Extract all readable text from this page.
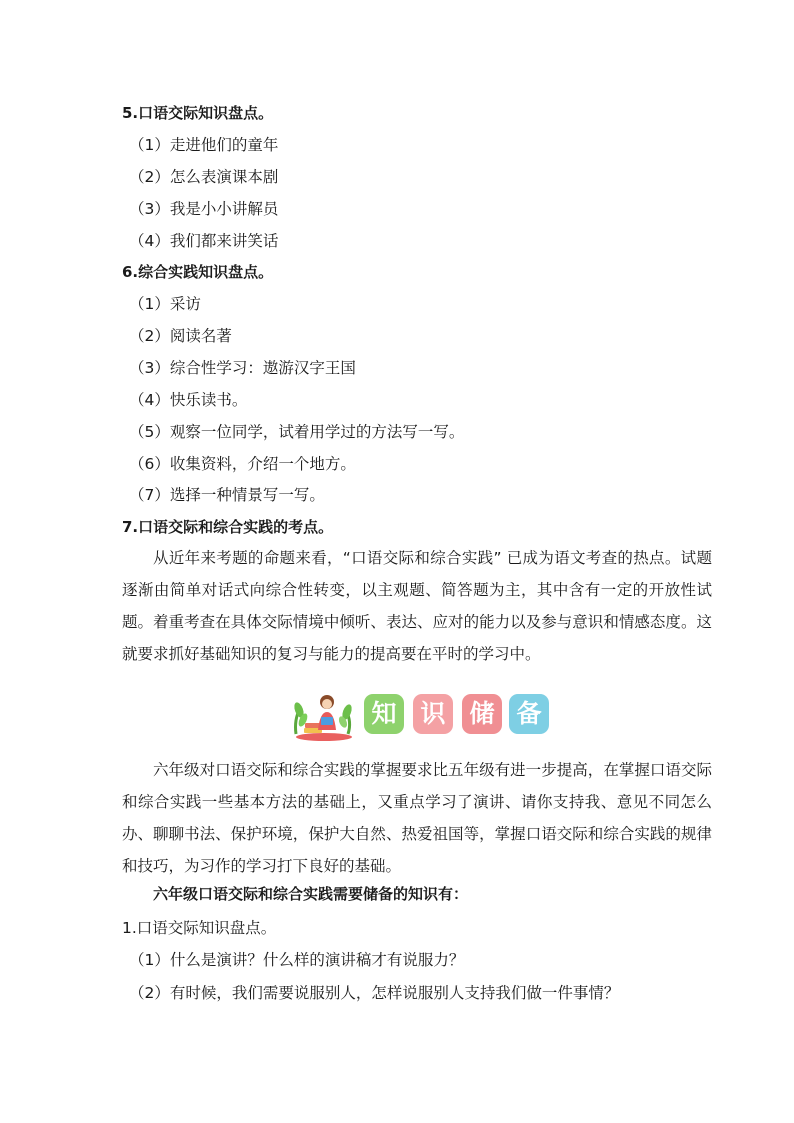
5.口语交际知识盘点。
（1）走进他们的童年
（2）怎么表演课本剧
（3）我是小小讲解员
（4）我们都来讲笑话
6.综合实践知识盘点。
（1）采访
（2）阅读名著
（3）综合性学习：遨游汉字王国
（4）快乐读书。
（5）观察一位同学，试着用学过的方法写一写。
（6）收集资料，介绍一个地方。
（7）选择一种情景写一写。
7.口语交际和综合实践的考点。

从近年来考题的命题来看，“口语交际和综合实践” 已成为语文考查的热点。试题逐渐由简单对话式向综合性转变，以主观题、简答题为主，其中含有一定的开放性试题。着重考查在具体交际情境中倾听、表达、应对的能力以及参与意识和情感态度。这就要求抓好基础知识的复习与能力的提高要在平时的学习中。

知 识 储 备

六年级对口语交际和综合实践的掌握要求比五年级有进一步提高，在掌握口语交际和综合实践一些基本方法的基础上，又重点学习了演讲、请你支持我、意见不同怎么办、聊聊书法、保护环境，保护大自然、热爱祖国等，掌握口语交际和综合实践的规律和技巧，为习作的学习打下良好的基础。

六年级口语交际和综合实践需要储备的知识有：
1.口语交际知识盘点。
（1）什么是演讲？什么样的演讲稿才有说服力？
（2）有时候，我们需要说服别人，怎样说服别人支持我们做一件事情？
